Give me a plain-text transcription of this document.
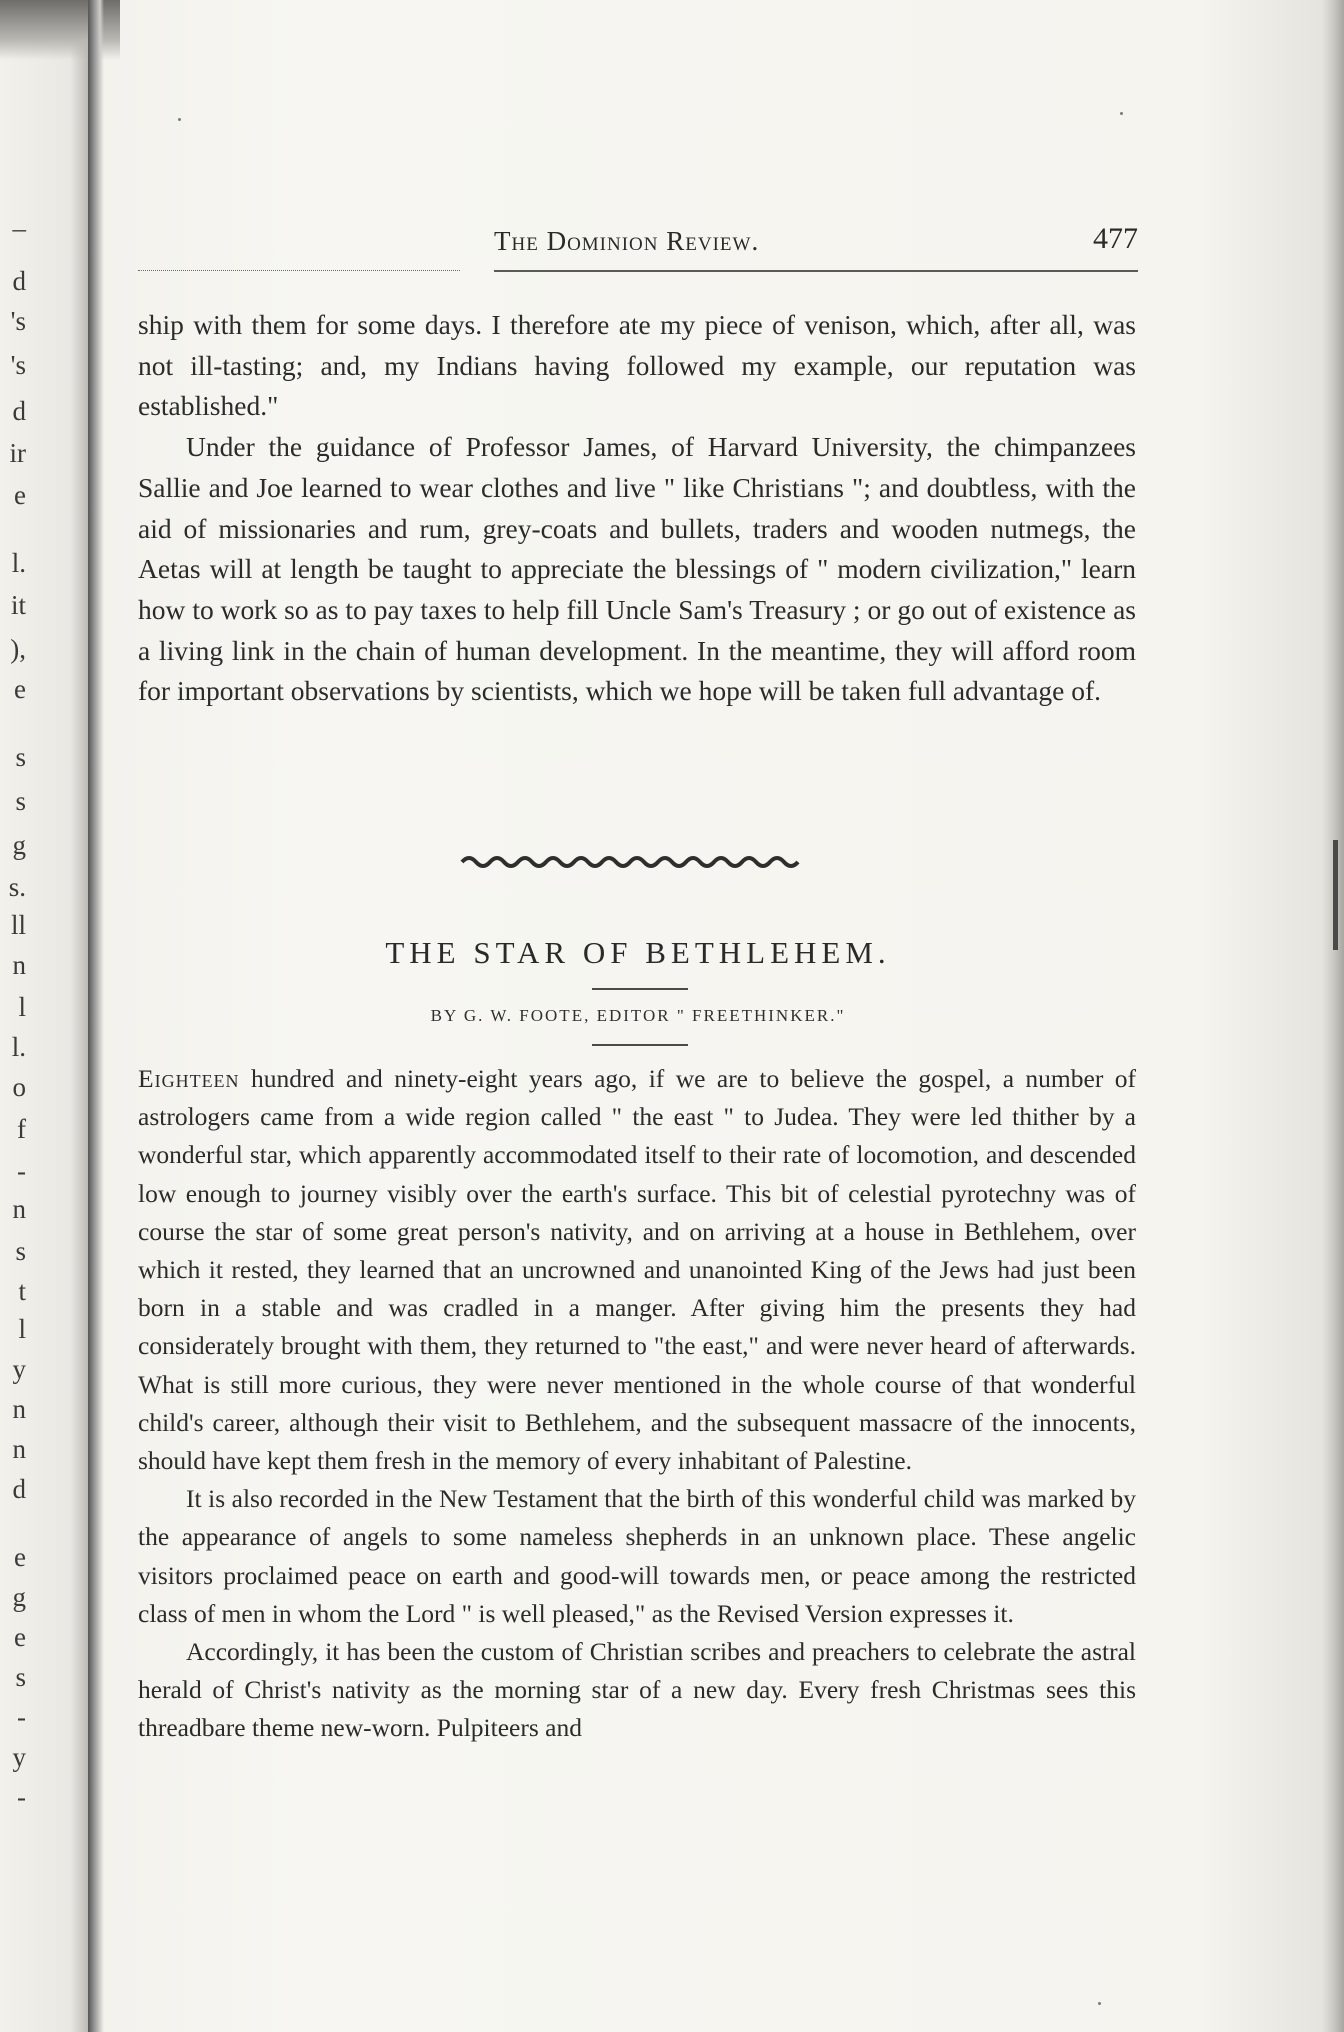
–
d
's
's
d
ir
e
l.
it
),
e
s
s
g
s.
ll
n
l
l.
o
f
-
n
s
t
l
y
n
n
d
e
g
e
s
-
y
-
The Dominion Review.	477

ship with them for some days. I therefore ate my piece of venison, which, after all, was not ill-tasting; and, my Indians having followed my example, our reputation was established."

Under the guidance of Professor James, of Harvard University, the chimpanzees Sallie and Joe learned to wear clothes and live " like Christians "; and doubtless, with the aid of missionaries and rum, grey-coats and bullets, traders and wooden nutmegs, the Aetas will at length be taught to appreciate the blessings of " modern civilization," learn how to work so as to pay taxes to help fill Uncle Sam's Treasury ; or go out of existence as a living link in the chain of human development. In the meantime, they will afford room for important observations by scientists, which we hope will be taken full advantage of.

THE STAR OF BETHLEHEM.
BY G. W. FOOTE, EDITOR " FREETHINKER."

Eighteen hundred and ninety-eight years ago, if we are to believe the gospel, a number of astrologers came from a wide region called " the east " to Judea. They were led thither by a wonderful star, which apparently accommodated itself to their rate of locomotion, and descended low enough to journey visibly over the earth's surface. This bit of celestial pyrotechny was of course the star of some great person's nativity, and on arriving at a house in Bethlehem, over which it rested, they learned that an uncrowned and unanointed King of the Jews had just been born in a stable and was cradled in a manger. After giving him the presents they had considerately brought with them, they returned to "the east," and were never heard of afterwards. What is still more curious, they were never mentioned in the whole course of that wonderful child's career, although their visit to Bethlehem, and the subsequent massacre of the innocents, should have kept them fresh in the memory of every inhabitant of Palestine.

It is also recorded in the New Testament that the birth of this wonderful child was marked by the appearance of angels to some nameless shepherds in an unknown place. These angelic visitors proclaimed peace on earth and good-will towards men, or peace among the restricted class of men in whom the Lord " is well pleased," as the Revised Version expresses it.

Accordingly, it has been the custom of Christian scribes and preachers to celebrate the astral herald of Christ's nativity as the morning star of a new day. Every fresh Christmas sees this threadbare theme new-worn. Pulpiteers and
